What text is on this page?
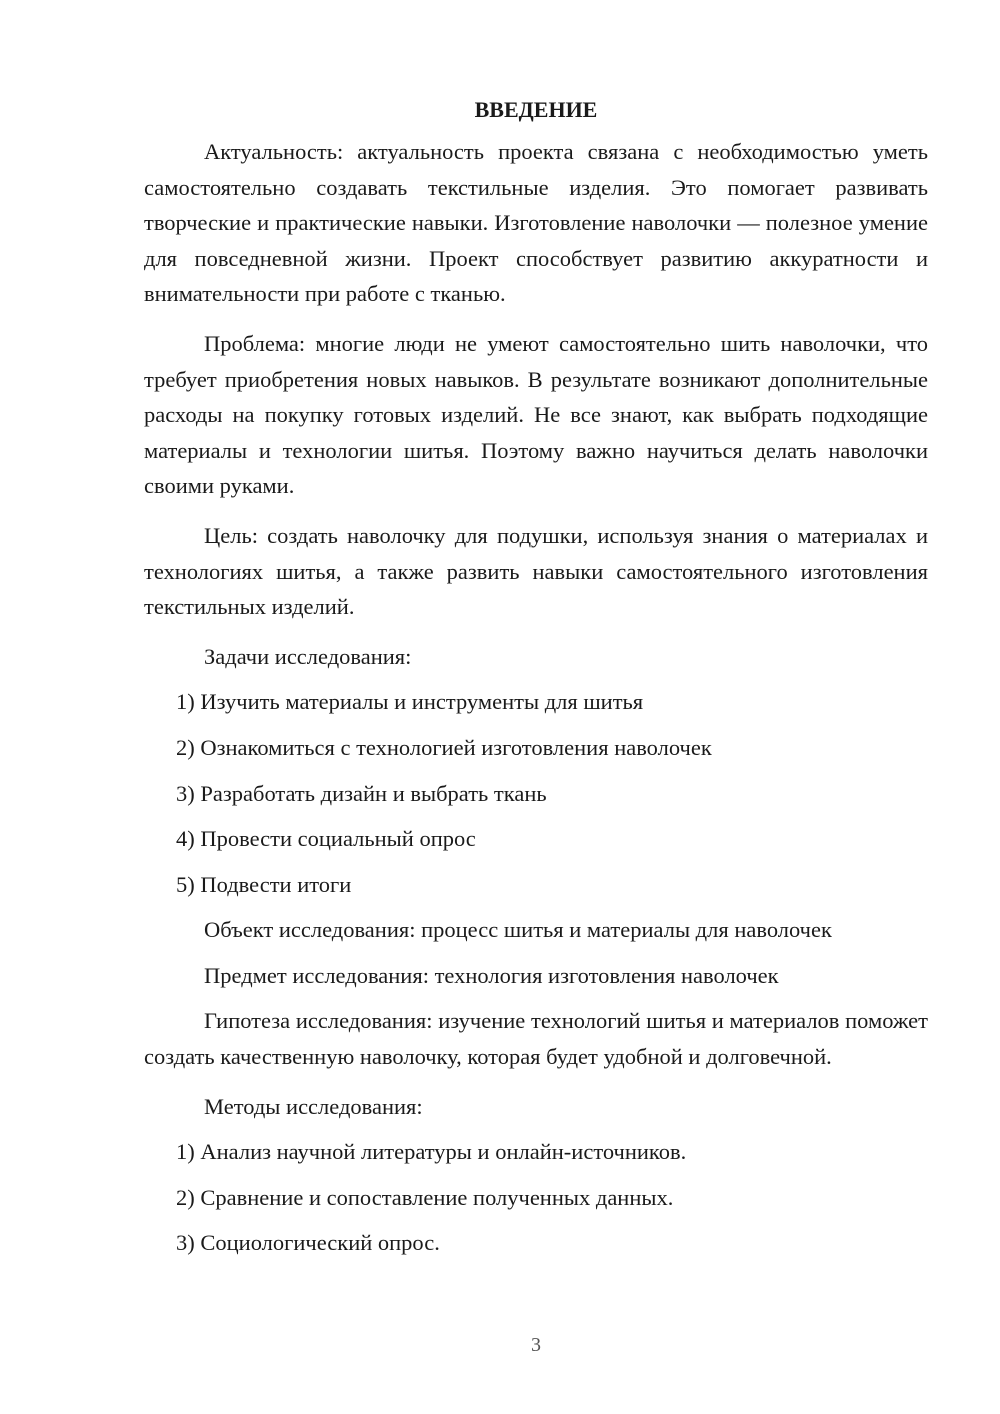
ВВЕДЕНИЕ

Актуальность: актуальность проекта связана с необходимостью уметь самостоятельно создавать текстильные изделия. Это помогает развивать творческие и практические навыки. Изготовление наволочки — полезное умение для повседневной жизни. Проект способствует развитию аккуратности и внимательности при работе с тканью.

Проблема: многие люди не умеют самостоятельно шить наволочки, что требует приобретения новых навыков. В результате возникают дополнительные расходы на покупку готовых изделий. Не все знают, как выбрать подходящие материалы и технологии шитья. Поэтому важно научиться делать наволочки своими руками.

Цель: создать наволочку для подушки, используя знания о материалах и технологиях шитья, а также развить навыки самостоятельного изготовления текстильных изделий.

Задачи исследования:

1) Изучить материалы и инструменты для шитья

2) Ознакомиться с технологией изготовления наволочек

3) Разработать дизайн и выбрать ткань

4) Провести социальный опрос

5) Подвести итоги

Объект исследования: процесс шитья и материалы для наволочек

Предмет исследования: технология изготовления наволочек

Гипотеза исследования: изучение технологий шитья и материалов поможет создать качественную наволочку, которая будет удобной и долговечной.

Методы исследования:

1) Анализ научной литературы и онлайн-источников.

2) Сравнение и сопоставление полученных данных.

3) Социологический опрос.

3
